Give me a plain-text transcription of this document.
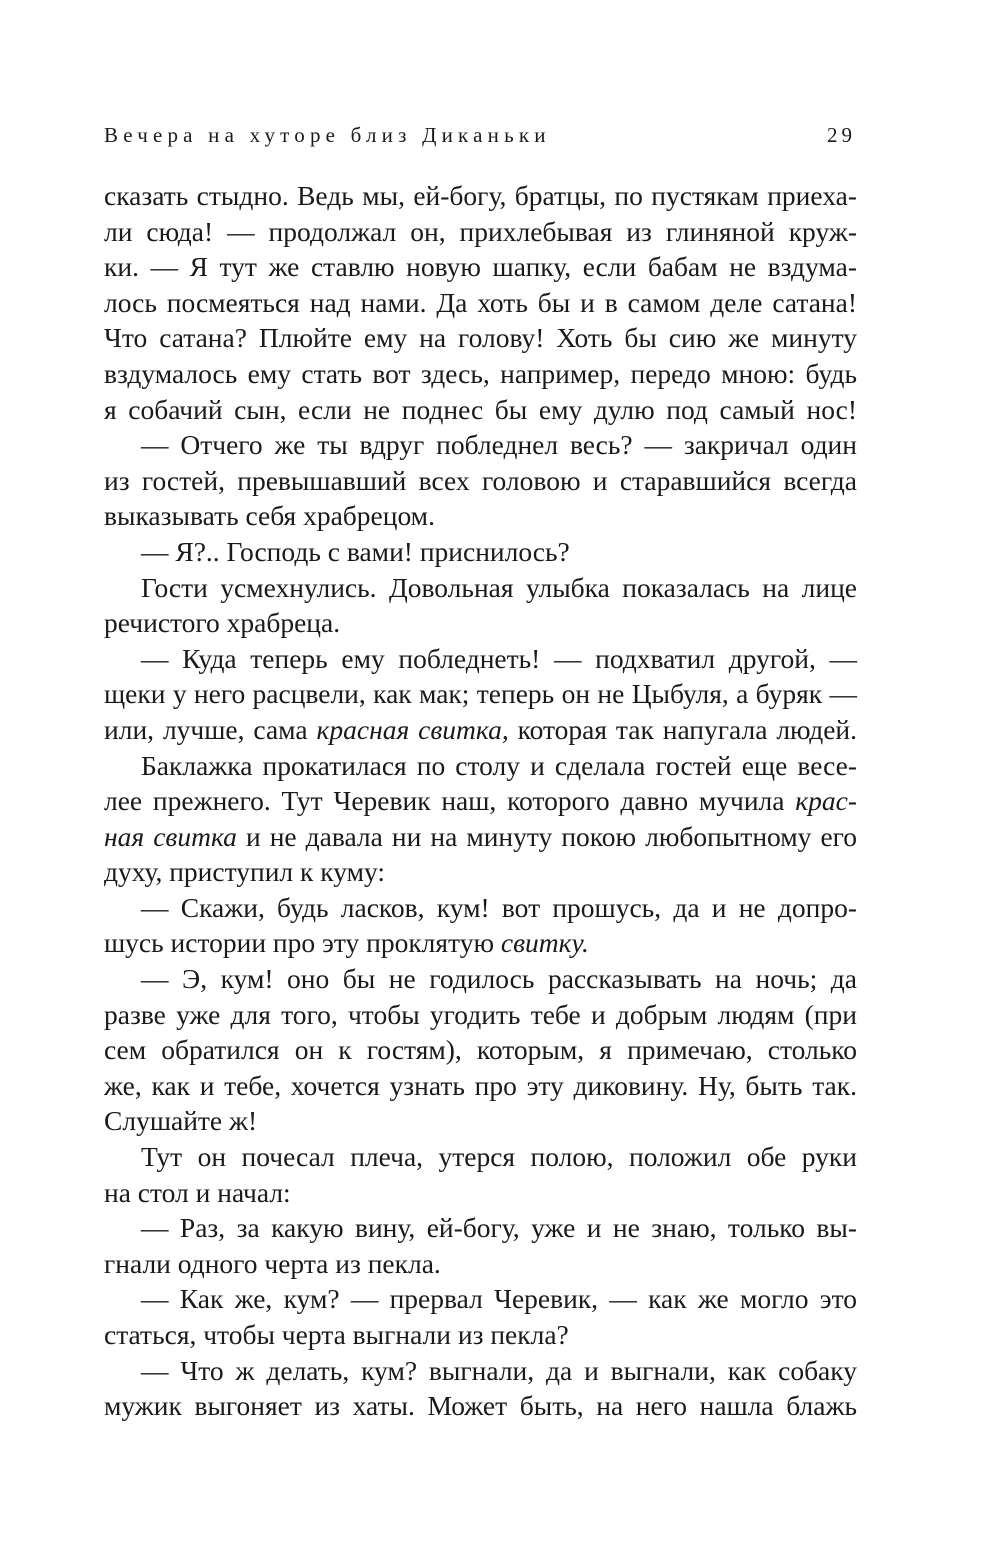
Вечера на хуторе близ Диканьки	29
сказать стыдно. Ведь мы, ей-богу, братцы, по пустякам приеха-
ли сюда! — продолжал он, прихлебывая из глиняной круж-
ки. — Я тут же ставлю новую шапку, если бабам не вздума-
лось посмеяться над нами. Да хоть бы и в самом деле сатана!
Что сатана? Плюйте ему на голову! Хоть бы сию же минуту
вздумалось ему стать вот здесь, например, передо мною: будь
я собачий сын, если не поднес бы ему дулю под самый нос!
— Отчего же ты вдруг побледнел весь? — закричал один
из гостей, превышавший всех головою и старавшийся всегда
выказывать себя храбрецом.
— Я?.. Господь с вами! приснилось?
Гости усмехнулись. Довольная улыбка показалась на лице
речистого храбреца.
— Куда теперь ему побледнеть! — подхватил другой, —
щеки у него расцвели, как мак; теперь он не Цыбуля, а буряк —
или, лучше, сама красная свитка, которая так напугала людей.
Баклажка прокатилася по столу и сделала гостей еще весе-
лее прежнего. Тут Черевик наш, которого давно мучила крас-
ная свитка и не давала ни на минуту покою любопытному его
духу, приступил к куму:
— Скажи, будь ласков, кум! вот прошусь, да и не допро-
шусь истории про эту проклятую свитку.
— Э, кум! оно бы не годилось рассказывать на ночь; да
разве уже для того, чтобы угодить тебе и добрым людям (при
сем обратился он к гостям), которым, я примечаю, столько
же, как и тебе, хочется узнать про эту диковину. Ну, быть так.
Слушайте ж!
Тут он почесал плеча, утерся полою, положил обе руки
на стол и начал:
— Раз, за какую вину, ей-богу, уже и не знаю, только вы-
гнали одного черта из пекла.
— Как же, кум? — прервал Черевик, — как же могло это
статься, чтобы черта выгнали из пекла?
— Что ж делать, кум? выгнали, да и выгнали, как собаку
мужик выгоняет из хаты. Может быть, на него нашла блажь
